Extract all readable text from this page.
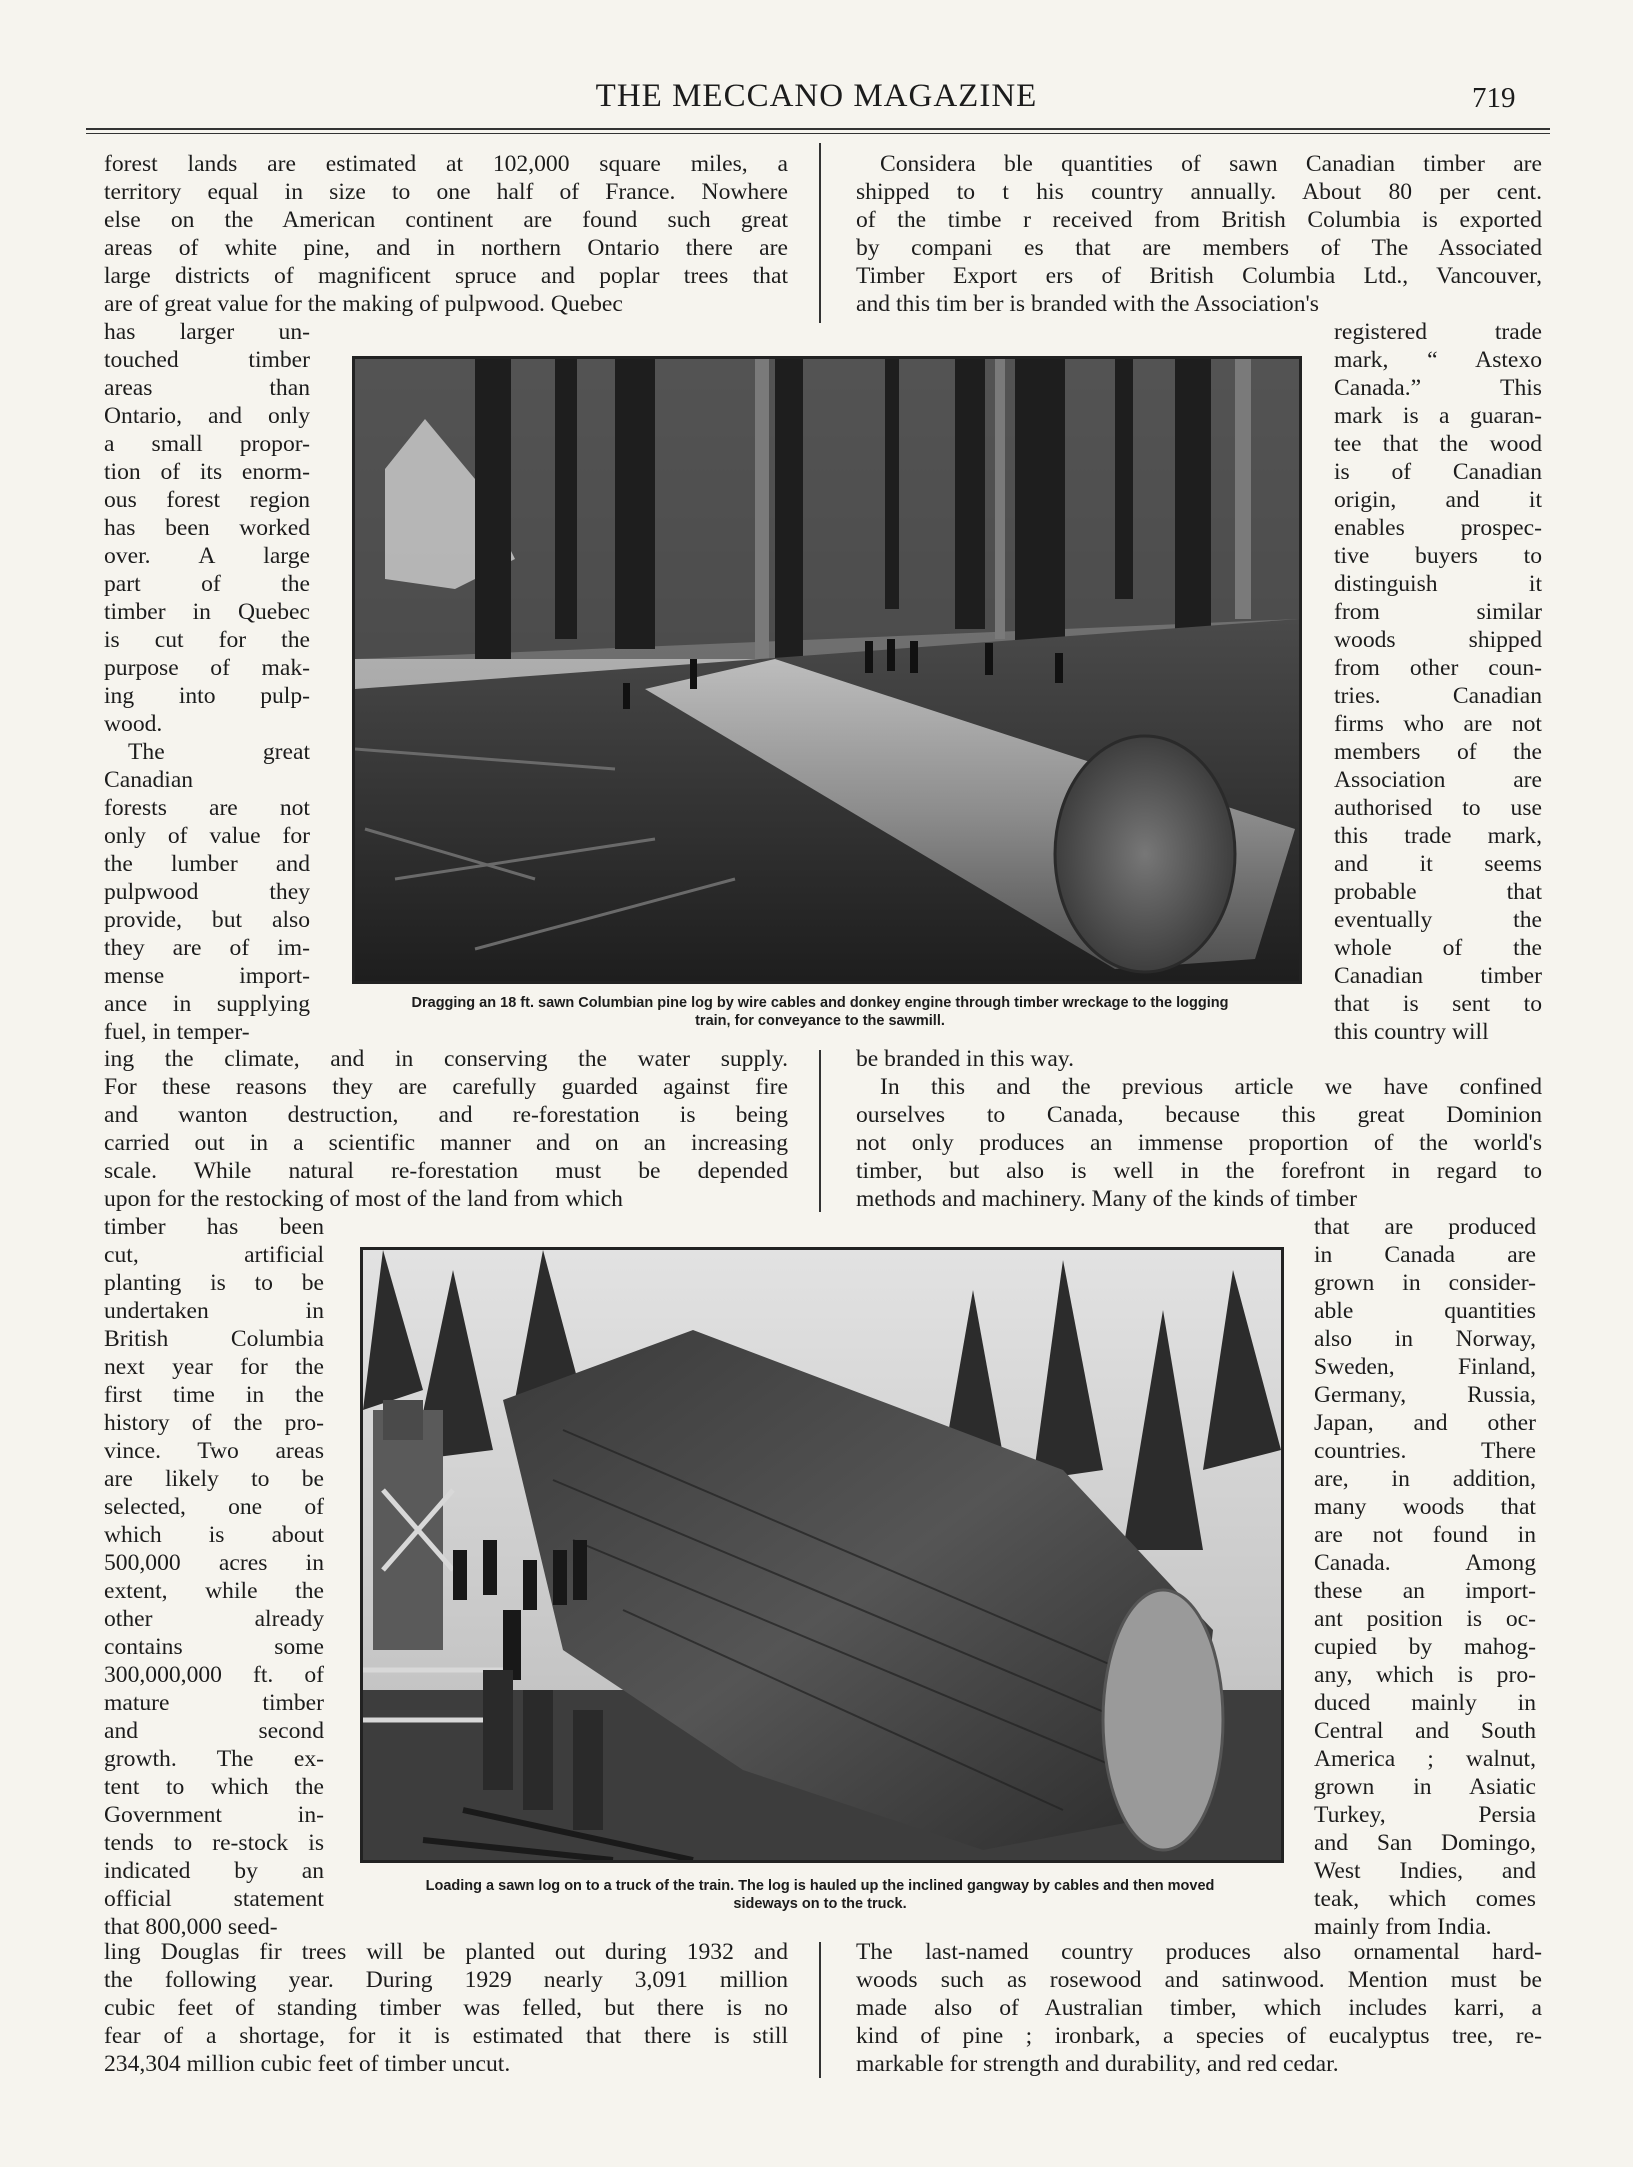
THE MECCANO MAGAZINE	719

forest lands are estimated at 102,000 square miles, a

territory equal in size to one half of France. Nowhere

else on the American continent are found such great

areas of white pine, and in northern Ontario there are

large districts of magnificent spruce and poplar trees that

are of great value for the making of pulpwood. Quebec

Considera ble quantities of sawn Canadian timber are

shipped to t his country annually. About 80 per cent.

of the timbe r received from British Columbia is exported

by compani es that are members of The Associated

Timber Export ers of British Columbia Ltd., Vancouver,

and this tim ber is branded with the Association's

has larger un-

touched timber

areas than

Ontario, and only

a small propor-

tion of its enorm-

ous forest region

has been worked

over. A large

part of the

timber in Quebec

is cut for the

purpose of mak-

ing into pulp-

wood.

The great

Canadian

forests are not

only of value for

the lumber and

pulpwood they

provide, but also

they are of im-

mense import-

ance in supplying

fuel, in temper-

registered trade

mark, “ Astexo

Canada.” This

mark is a guaran-

tee that the wood

is of Canadian

origin, and it

enables prospec-

tive buyers to

distinguish it

from similar

woods shipped

from other coun-

tries. Canadian

firms who are not

members of the

Association are

authorised to use

this trade mark,

and it seems

probable that

eventually the

whole of the

Canadian timber

that is sent to

this country will

Dragging an 18 ft. sawn Columbian pine log by wire cables and donkey engine through timber wreckage to the logging
train, for conveyance to the sawmill.

ing the climate, and in conserving the water supply.

For these reasons they are carefully guarded against fire

and wanton destruction, and re-forestation is being

carried out in a scientific manner and on an increasing

scale. While natural re-forestation must be depended

upon for the restocking of most of the land from which

be branded in this way.

In this and the previous article we have confined

ourselves to Canada, because this great Dominion

not only produces an immense proportion of the world's

timber, but also is well in the forefront in regard to

methods and machinery. Many of the kinds of timber

timber has been

cut, artificial

planting is to be

undertaken in

British Columbia

next year for the

first time in the

history of the pro-

vince. Two areas

are likely to be

selected, one of

which is about

500,000 acres in

extent, while the

other already

contains some

300,000,000 ft. of

mature timber

and second

growth. The ex-

tent to which the

Government in-

tends to re-stock is

indicated by an

official statement

that 800,000 seed-

that are produced

in Canada are

grown in consider-

able quantities

also in Norway,

Sweden, Finland,

Germany, Russia,

Japan, and other

countries. There

are, in addition,

many woods that

are not found in

Canada. Among

these an import-

ant position is oc-

cupied by mahog-

any, which is pro-

duced mainly in

Central and South

America ; walnut,

grown in Asiatic

Turkey, Persia

and San Domingo,

West Indies, and

teak, which comes

mainly from India.

Loading a sawn log on to a truck of the train. The log is hauled up the inclined gangway by cables and then moved
sideways on to the truck.

ling Douglas fir trees will be planted out during 1932 and

the following year. During 1929 nearly 3,091 million

cubic feet of standing timber was felled, but there is no

fear of a shortage, for it is estimated that there is still

234,304 million cubic feet of timber uncut.

The last-named country produces also ornamental hard-

woods such as rosewood and satinwood. Mention must be

made also of Australian timber, which includes karri, a

kind of pine ; ironbark, a species of eucalyptus tree, re-

markable for strength and durability, and red cedar.
